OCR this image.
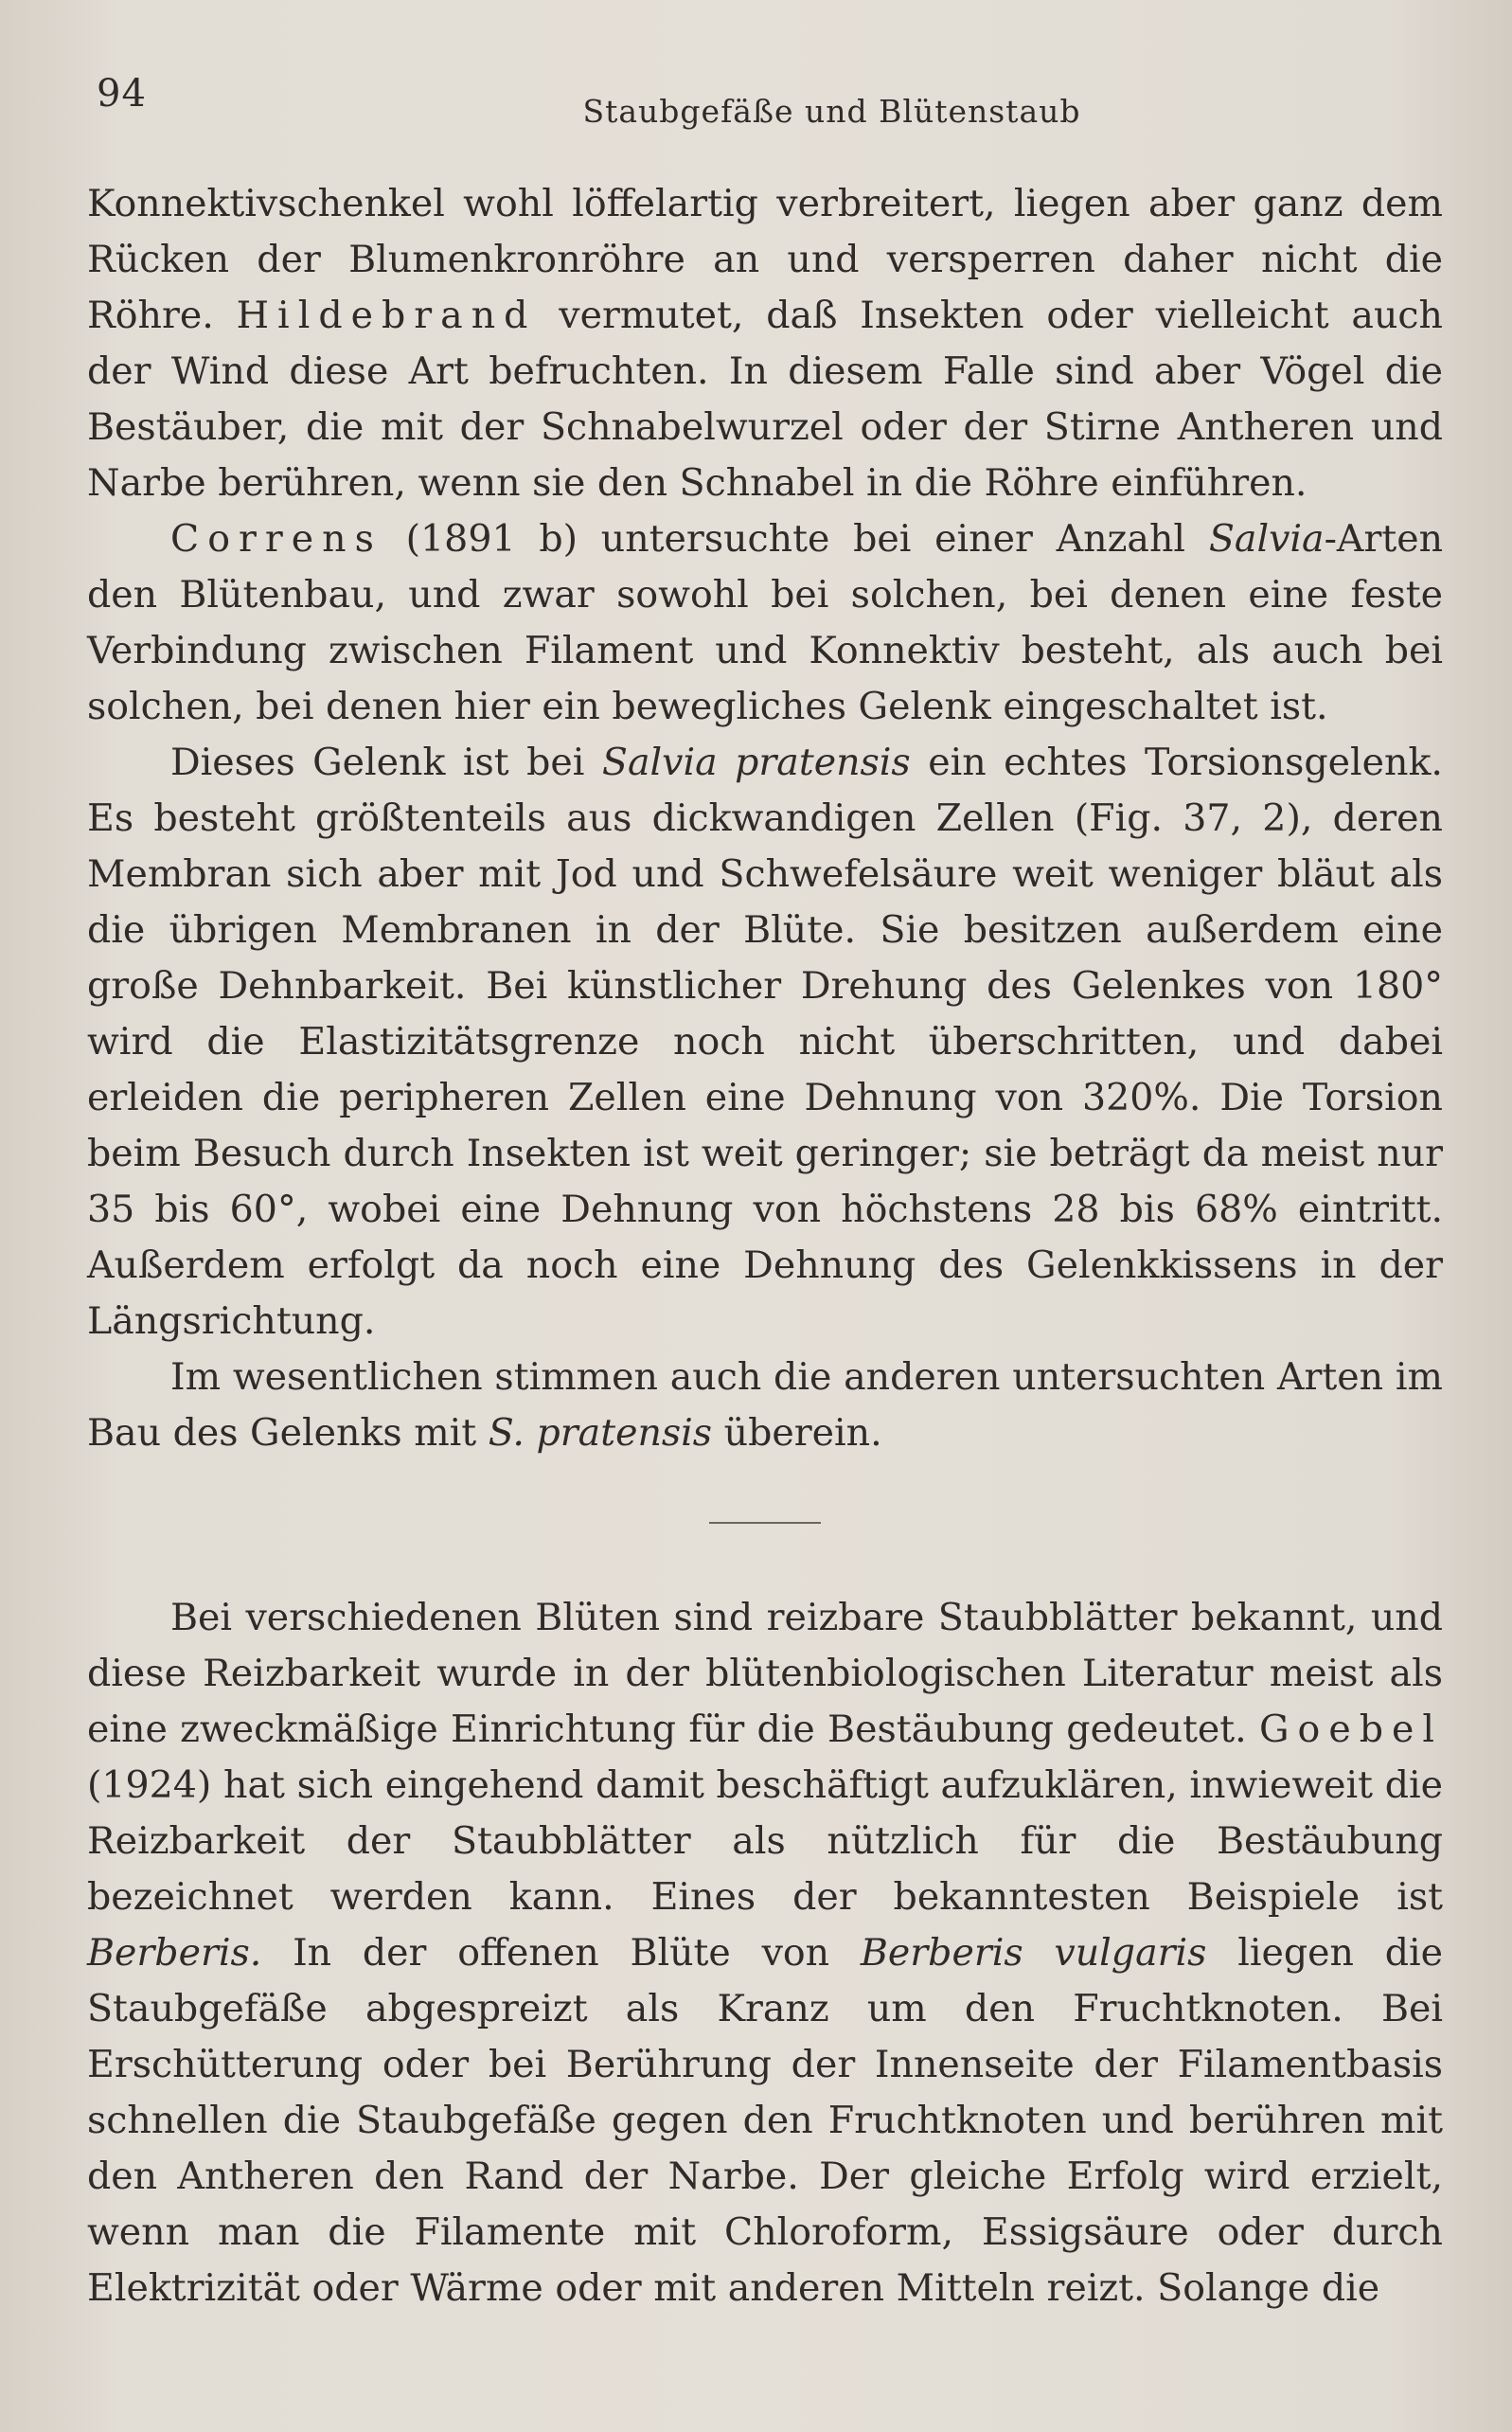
94	Staubgefäße und Blütenstaub

Konnektivschenkel wohl löffelartig verbreitert, liegen aber ganz dem Rücken der Blumenkronröhre an und versperren daher nicht die Röhre. Hildebrand vermutet, daß Insekten oder vielleicht auch der Wind diese Art befruchten. In diesem Falle sind aber Vögel die Bestäuber, die mit der Schnabelwurzel oder der Stirne Antheren und Narbe berühren, wenn sie den Schnabel in die Röhre einführen.

Correns (1891 b) untersuchte bei einer Anzahl Salvia-Arten den Blütenbau, und zwar sowohl bei solchen, bei denen eine feste Verbindung zwischen Filament und Konnektiv besteht, als auch bei solchen, bei denen hier ein bewegliches Gelenk eingeschaltet ist.

Dieses Gelenk ist bei Salvia pratensis ein echtes Torsionsgelenk. Es besteht größtenteils aus dickwandigen Zellen (Fig. 37, 2), deren Membran sich aber mit Jod und Schwefelsäure weit weniger bläut als die übrigen Membranen in der Blüte. Sie besitzen außerdem eine große Dehnbarkeit. Bei künstlicher Drehung des Gelenkes von 180° wird die Elastizitätsgrenze noch nicht überschritten, und dabei erleiden die peripheren Zellen eine Dehnung von 320%. Die Torsion beim Besuch durch Insekten ist weit geringer; sie beträgt da meist nur 35 bis 60°, wobei eine Dehnung von höchstens 28 bis 68% eintritt. Außerdem erfolgt da noch eine Dehnung des Gelenkkissens in der Längsrichtung.

Im wesentlichen stimmen auch die anderen untersuchten Arten im Bau des Gelenks mit S. pratensis überein.

Bei verschiedenen Blüten sind reizbare Staubblätter bekannt, und diese Reizbarkeit wurde in der blütenbiologischen Literatur meist als eine zweckmäßige Einrichtung für die Bestäubung gedeutet. Goebel (1924) hat sich eingehend damit beschäftigt aufzuklären, inwieweit die Reizbarkeit der Staubblätter als nützlich für die Bestäubung bezeichnet werden kann. Eines der bekanntesten Beispiele ist Berberis. In der offenen Blüte von Berberis vulgaris liegen die Staubgefäße abgespreizt als Kranz um den Fruchtknoten. Bei Erschütterung oder bei Berührung der Innenseite der Filamentbasis schnellen die Staubgefäße gegen den Fruchtknoten und berühren mit den Antheren den Rand der Narbe. Der gleiche Erfolg wird erzielt, wenn man die Filamente mit Chloroform, Essigsäure oder durch Elektrizität oder Wärme oder mit anderen Mitteln reizt. Solange die
